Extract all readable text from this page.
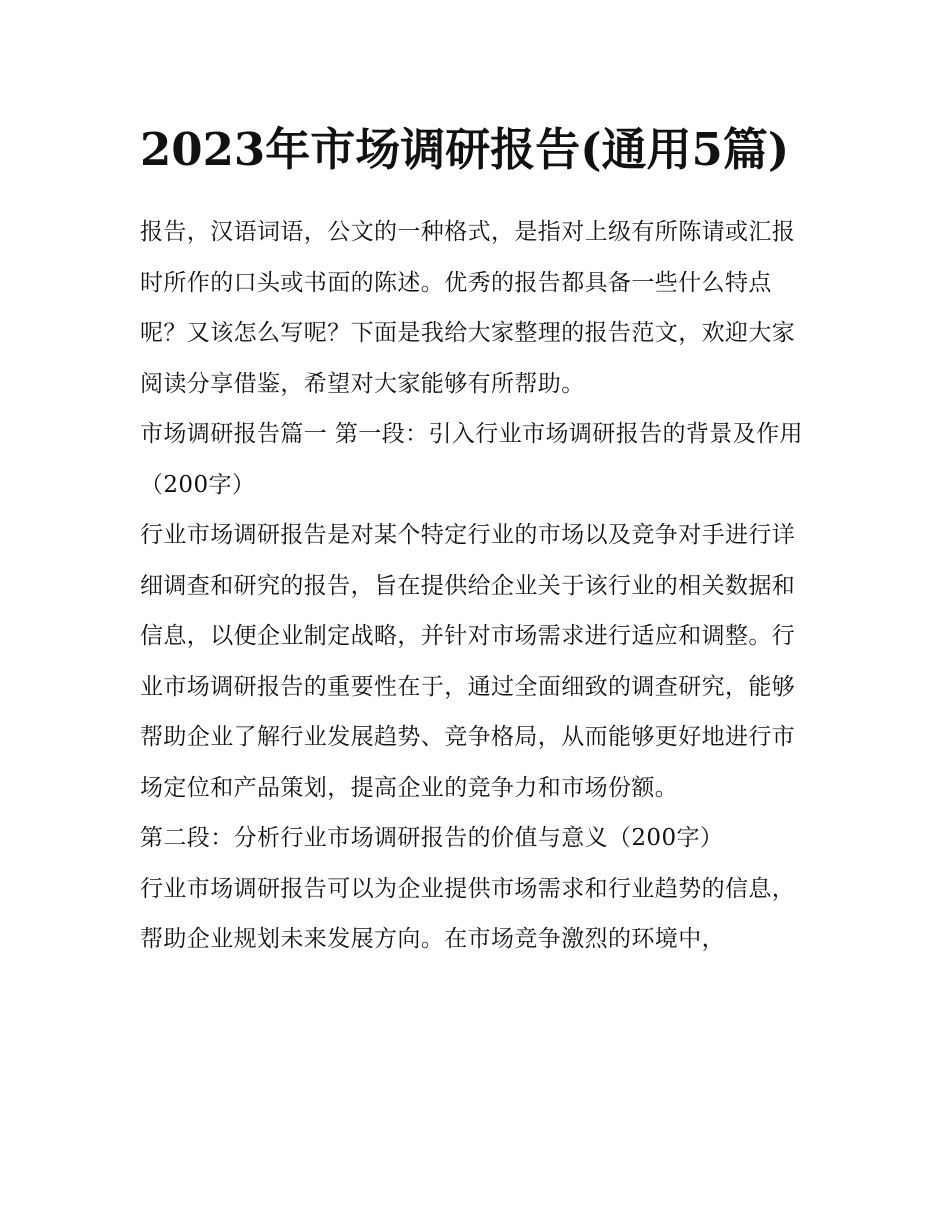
2023年市场调研报告(通用5篇)

报告，汉语词语，公文的一种格式，是指对上级有所陈请或汇报时所作的口头或书面的陈述。优秀的报告都具备一些什么特点呢？又该怎么写呢？下面是我给大家整理的报告范文，欢迎大家阅读分享借鉴，希望对大家能够有所帮助。

市场调研报告篇一 第一段：引入行业市场调研报告的背景及作用（200字）

行业市场调研报告是对某个特定行业的市场以及竞争对手进行详细调查和研究的报告，旨在提供给企业关于该行业的相关数据和信息，以便企业制定战略，并针对市场需求进行适应和调整。行业市场调研报告的重要性在于，通过全面细致的调查研究，能够帮助企业了解行业发展趋势、竞争格局，从而能够更好地进行市场定位和产品策划，提高企业的竞争力和市场份额。

第二段：分析行业市场调研报告的价值与意义（200字）

行业市场调研报告可以为企业提供市场需求和行业趋势的信息，帮助企业规划未来发展方向。在市场竞争激烈的环境中，
